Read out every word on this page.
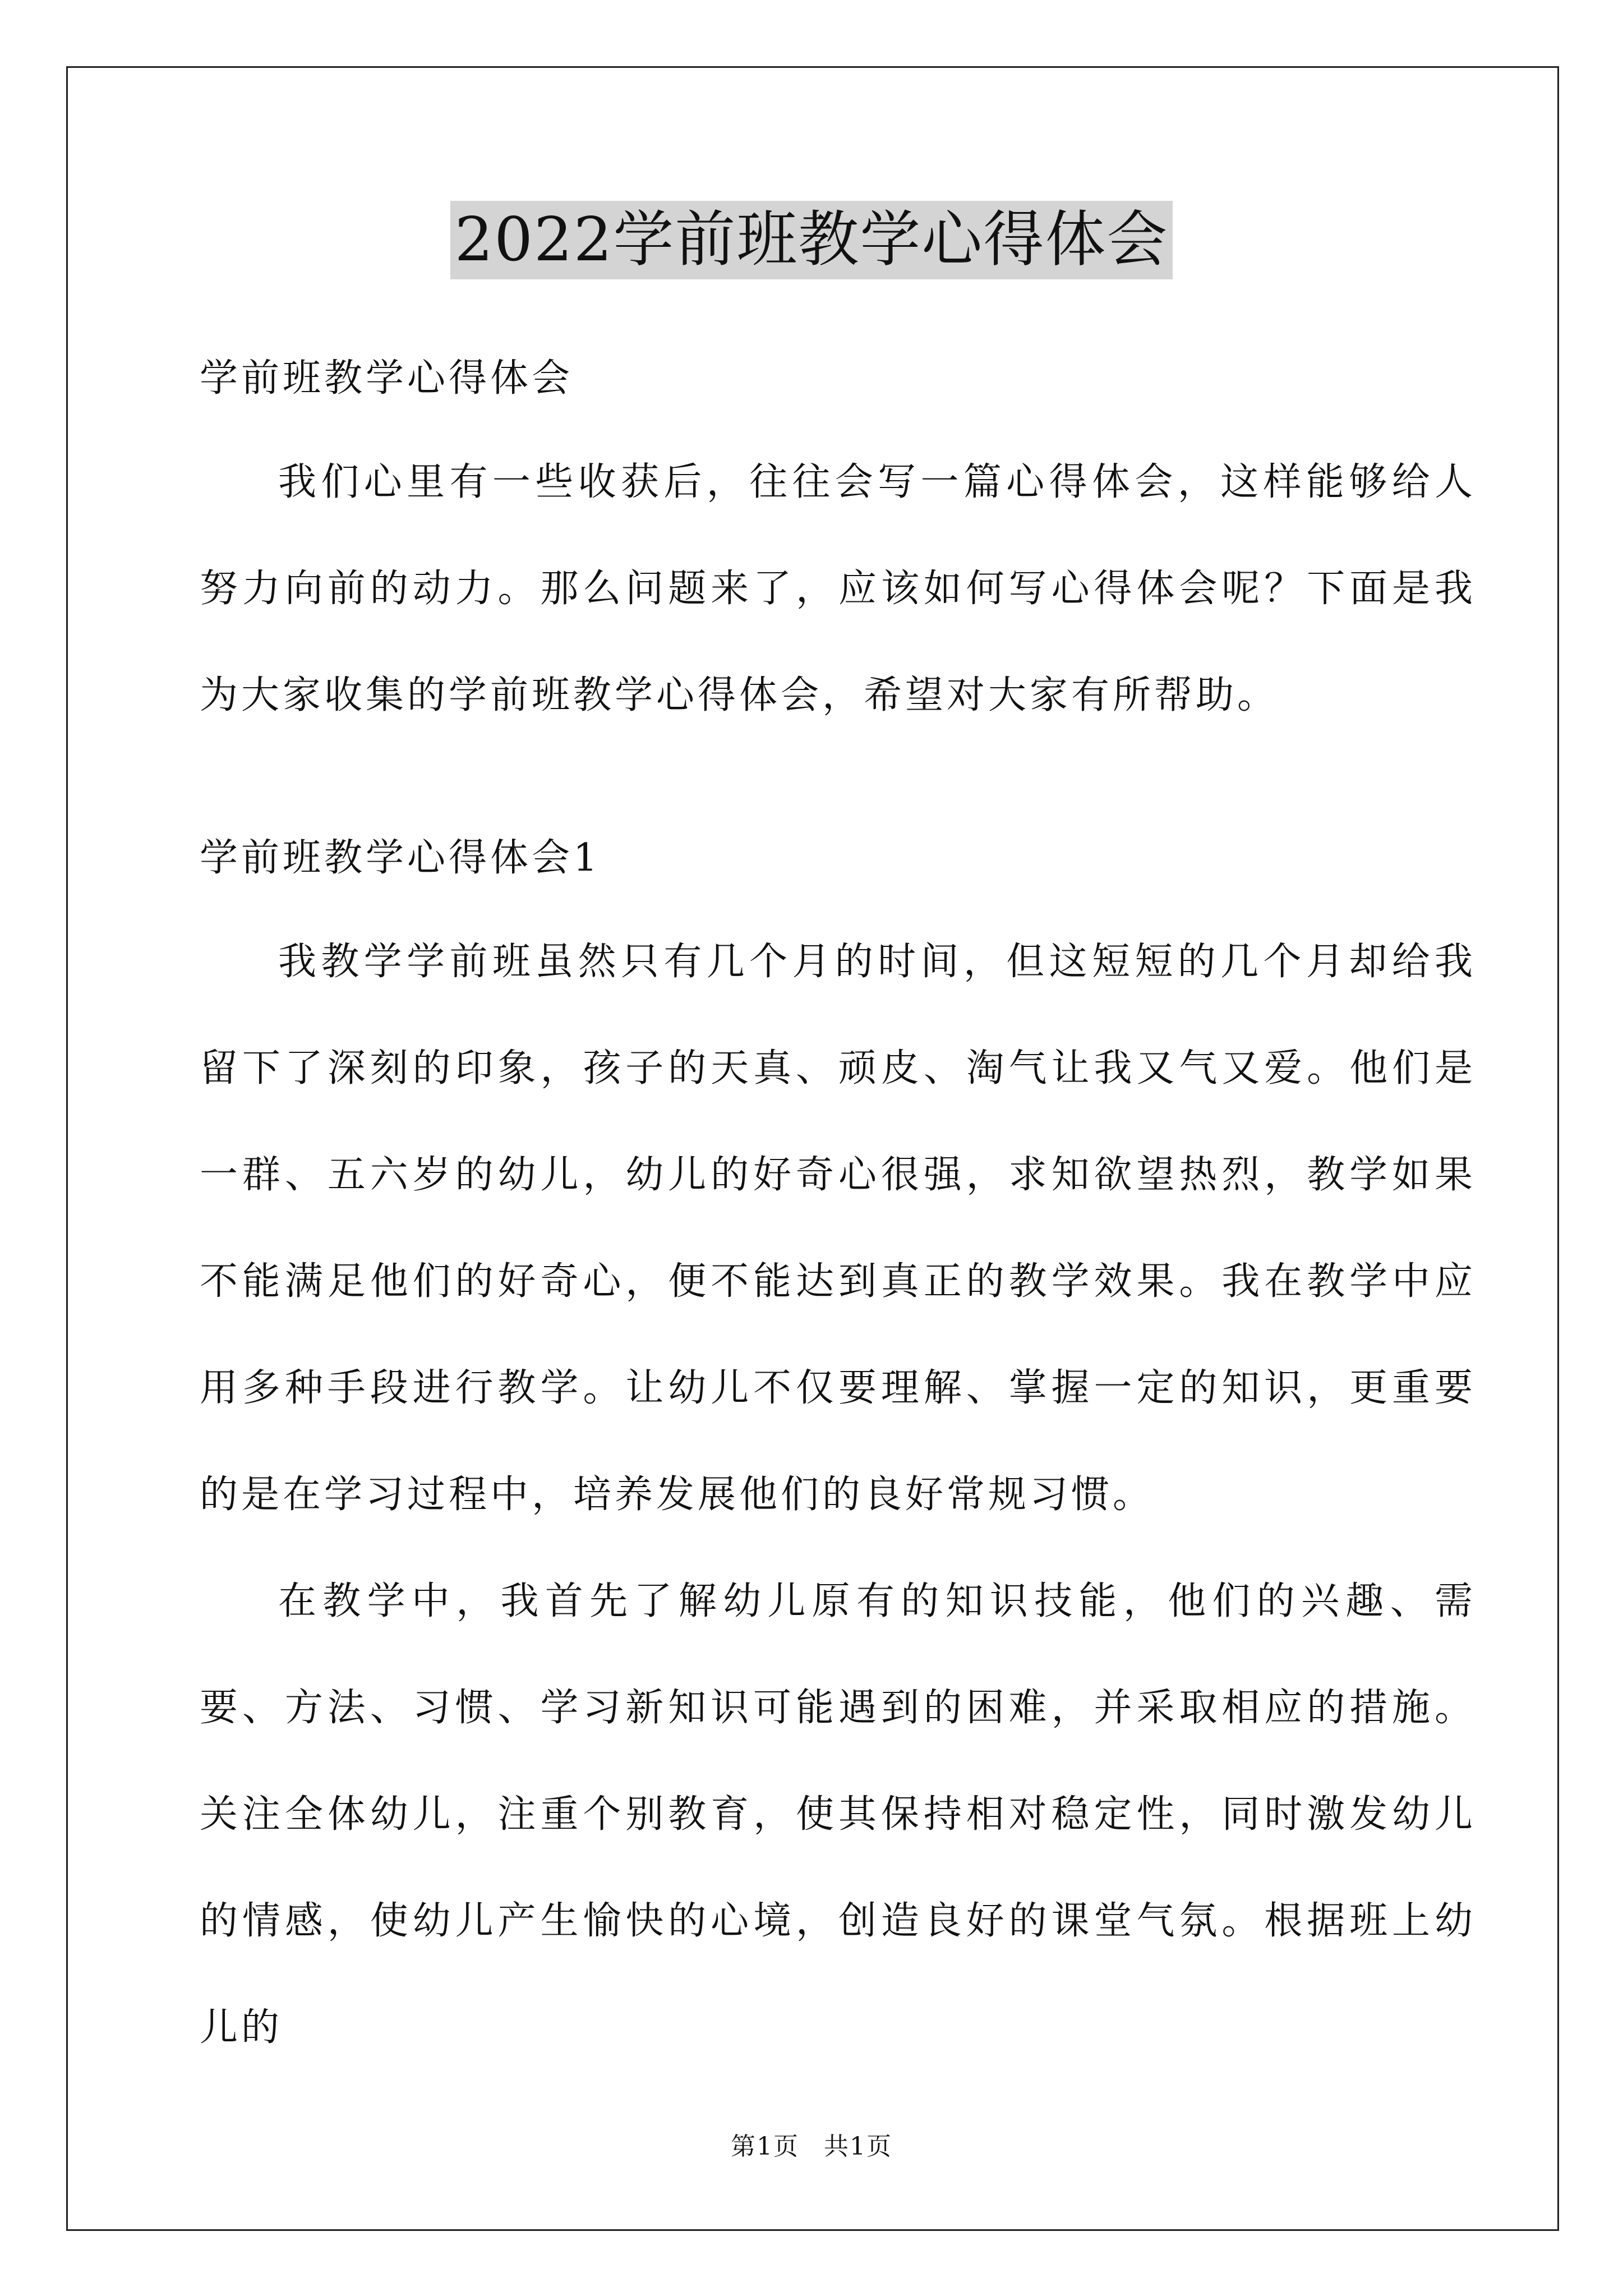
2022学前班教学心得体会

学前班教学心得体会

我们心里有一些收获后，往往会写一篇心得体会，这样能够给人努力向前的动力。那么问题来了，应该如何写心得体会呢？下面是我为大家收集的学前班教学心得体会，希望对大家有所帮助。

学前班教学心得体会1

我教学学前班虽然只有几个月的时间，但这短短的几个月却给我留下了深刻的印象，孩子的天真、顽皮、淘气让我又气又爱。他们是一群、五六岁的幼儿，幼儿的好奇心很强，求知欲望热烈，教学如果不能满足他们的好奇心，便不能达到真正的教学效果。我在教学中应用多种手段进行教学。让幼儿不仅要理解、掌握一定的知识，更重要的是在学习过程中，培养发展他们的良好常规习惯。

在教学中，我首先了解幼儿原有的知识技能，他们的兴趣、需要、方法、习惯、学习新知识可能遇到的困难，并采取相应的措施。关注全体幼儿，注重个别教育，使其保持相对稳定性，同时激发幼儿的情感，使幼儿产生愉快的心境，创造良好的课堂气氛。根据班上幼儿的

第1页 共1页
